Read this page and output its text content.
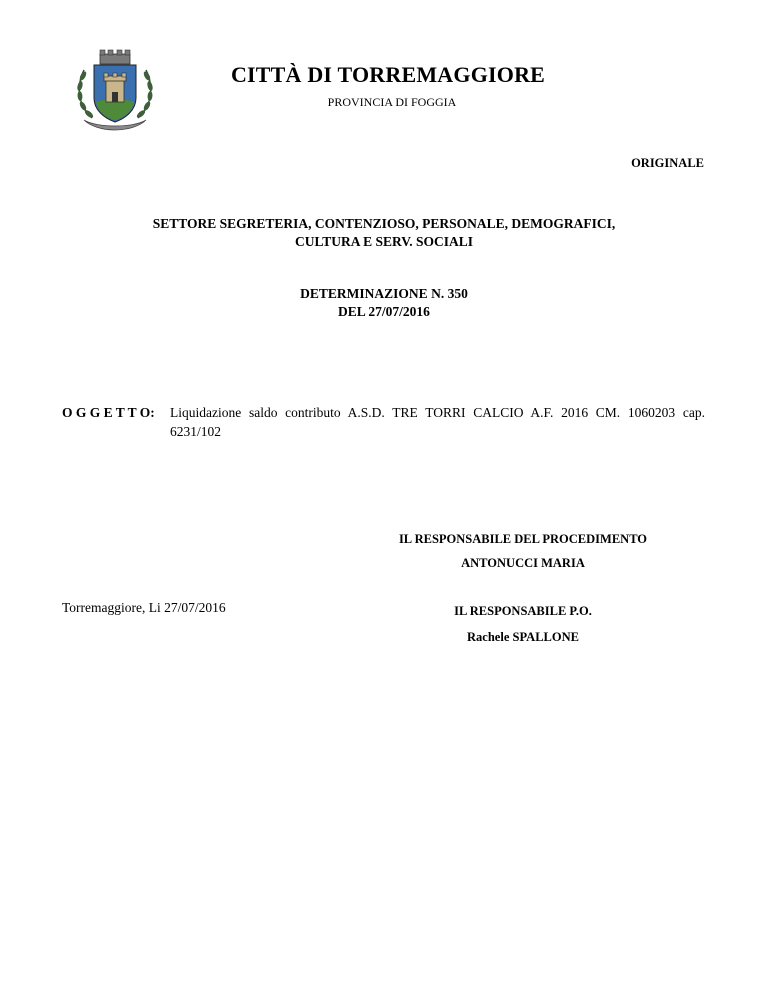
CITTÀ DI TORREMAGGIORE
PROVINCIA DI FOGGIA
ORIGINALE
SETTORE SEGRETERIA, CONTENZIOSO, PERSONALE, DEMOGRAFICI,
CULTURA E SERV. SOCIALI
DETERMINAZIONE N. 350
DEL 27/07/2016
O G G E T T O: Liquidazione saldo contributo A.S.D. TRE TORRI CALCIO A.F. 2016 CM. 1060203 cap. 6231/102
IL RESPONSABILE DEL PROCEDIMENTO
ANTONUCCI MARIA
Torremaggiore, Li 27/07/2016	IL RESPONSABILE P.O.
Rachele SPALLONE
